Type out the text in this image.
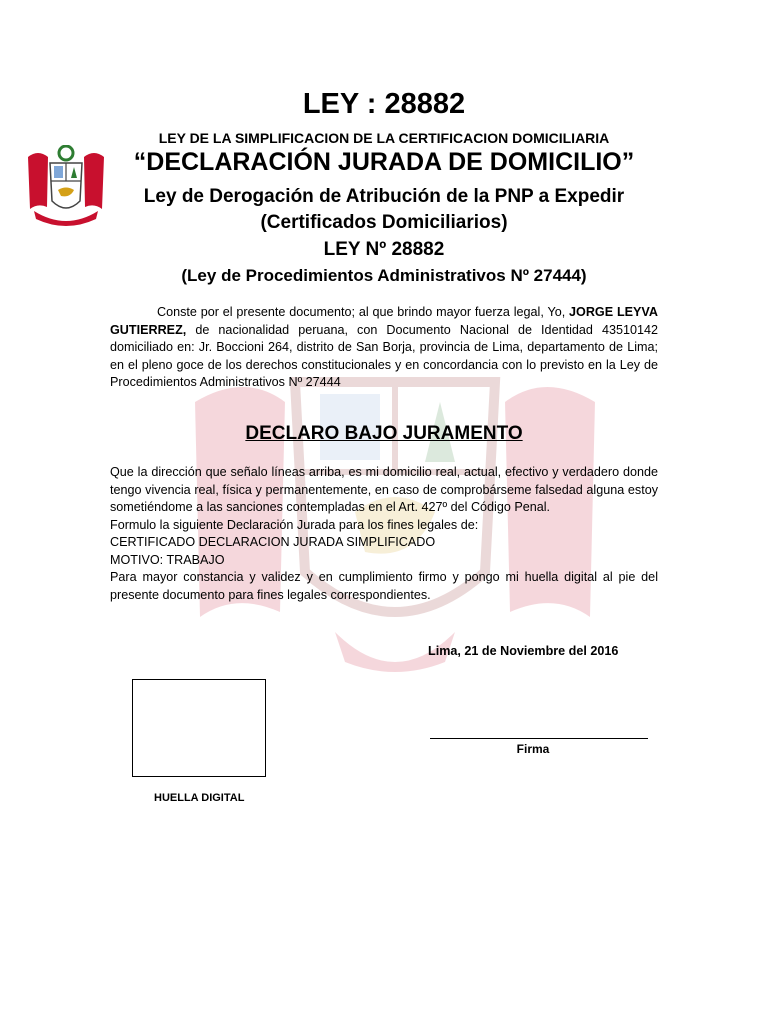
LEY : 28882
LEY DE LA SIMPLIFICACION DE LA CERTIFICACION DOMICILIARIA
“DECLARACIÓN JURADA DE DOMICILIO”
Ley de Derogación de Atribución de la PNP a Expedir
(Certificados Domiciliarios)
LEY Nº 28882
(Ley de Procedimientos Administrativos Nº 27444)
Conste por el presente documento; al que brindo mayor fuerza legal, Yo, JORGE LEYVA GUTIERREZ, de nacionalidad peruana, con Documento Nacional de Identidad 43510142 domiciliado en: Jr. Boccioni 264, distrito de San Borja, provincia de Lima, departamento de Lima; en el pleno goce de los derechos constitucionales y en concordancia con lo previsto en la Ley de Procedimientos Administrativos Nº 27444
DECLARO BAJO JURAMENTO
Que la dirección que señalo líneas arriba, es mi domicilio real, actual, efectivo y verdadero donde tengo vivencia real, física y permanentemente, en caso de comprobárseme falsedad alguna estoy sometiéndome a las sanciones contempladas en el Art. 427º del Código Penal.
Formulo la siguiente Declaración Jurada para los fines legales de:
CERTIFICADO DECLARACION JURADA SIMPLIFICADO
MOTIVO: TRABAJO
Para mayor constancia y validez y en cumplimiento firmo y pongo mi huella digital al pie del presente documento para fines legales correspondientes.
Lima, 21 de Noviembre del 2016
Firma
HUELLA DIGITAL
